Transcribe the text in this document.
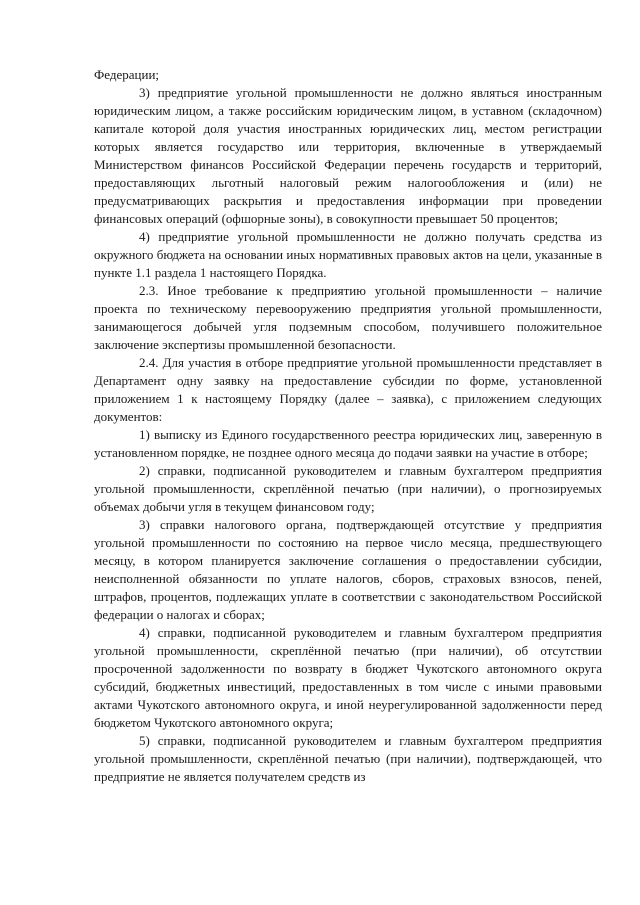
Федерации;

3) предприятие угольной промышленности не должно являться иностранным юридическим лицом, а также российским юридическим лицом, в уставном (складочном) капитале которой доля участия иностранных юридических лиц, местом регистрации которых является государство или территория, включенные в утверждаемый Министерством финансов Российской Федерации перечень государств и территорий, предоставляющих льготный налоговый режим налогообложения и (или) не предусматривающих раскрытия и предоставления информации при проведении финансовых операций (офшорные зоны), в совокупности превышает 50 процентов;

4) предприятие угольной промышленности не должно получать средства из окружного бюджета на основании иных нормативных правовых актов на цели, указанные в пункте 1.1 раздела 1 настоящего Порядка.

2.3. Иное требование к предприятию угольной промышленности – наличие проекта по техническому перевооружению предприятия угольной промышленности, занимающегося добычей угля подземным способом, получившего положительное заключение экспертизы промышленной безопасности.

2.4. Для участия в отборе предприятие угольной промышленности представляет в Департамент одну заявку на предоставление субсидии по форме, установленной приложением 1 к настоящему Порядку (далее – заявка), с приложением следующих документов:

1) выписку из Единого государственного реестра юридических лиц, заверенную в установленном порядке, не позднее одного месяца до подачи заявки на участие в отборе;

2) справки, подписанной руководителем и главным бухгалтером предприятия угольной промышленности, скреплённой печатью (при наличии), о прогнозируемых объемах добычи угля в текущем финансовом году;

3) справки налогового органа, подтверждающей отсутствие у предприятия угольной промышленности по состоянию на первое число месяца, предшествующего месяцу, в котором планируется заключение соглашения о предоставлении субсидии, неисполненной обязанности по уплате налогов, сборов, страховых взносов, пеней, штрафов, процентов, подлежащих уплате в соответствии с законодательством Российской федерации о налогах и сборах;

4) справки, подписанной руководителем и главным бухгалтером предприятия угольной промышленности, скреплённой печатью (при наличии), об отсутствии просроченной задолженности по возврату в бюджет Чукотского автономного округа субсидий, бюджетных инвестиций, предоставленных в том числе с иными правовыми актами Чукотского автономного округа, и иной неурегулированной задолженности перед бюджетом Чукотского автономного округа;

5) справки, подписанной руководителем и главным бухгалтером предприятия угольной промышленности, скреплённой печатью (при наличии), подтверждающей, что предприятие не является получателем средств из
